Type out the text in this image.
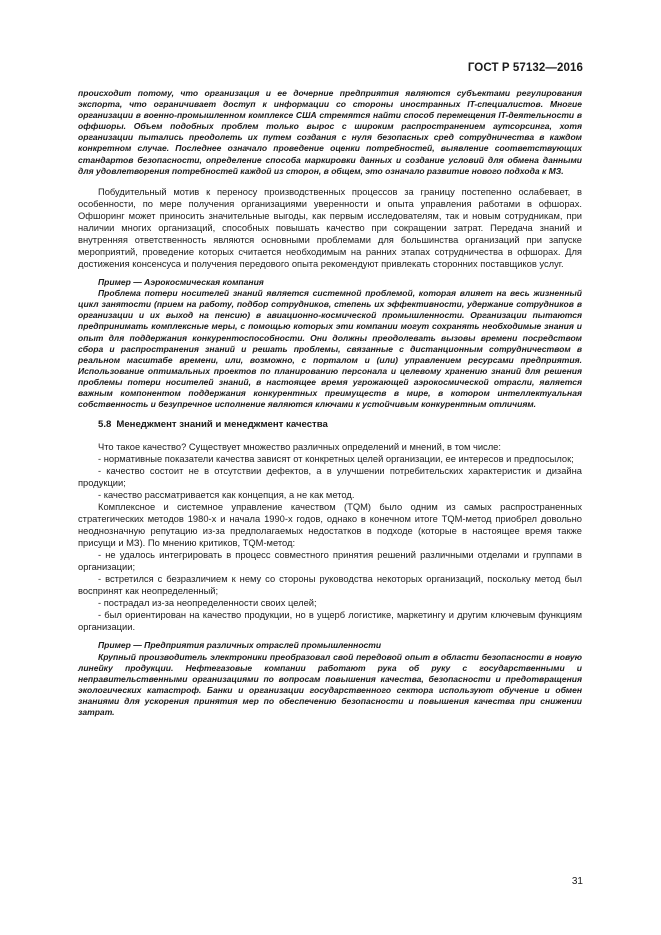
ГОСТ Р 57132—2016

происходит потому, что организация и ее дочерние предприятия являются субъектами регулирования экспорта, что ограничивает доступ к информации со стороны иностранных IT-специалистов. Многие организации в военно-промышленном комплексе США стремятся найти способ перемещения IT-деятельности в оффшоры. Объем подобных проблем только вырос с широким распространением аутсорсинга, хотя организации пытались преодолеть их путем создания с нуля безопасных сред сотрудничества в каждом конкретном случае. Последнее означало проведение оценки потребностей, выявление соответствующих стандартов безопасности, определение способа маркировки данных и создание условий для обмена данными для удовлетворения потребностей каждой из сторон, в общем, это означало развитие нового подхода к МЗ.

Побудительный мотив к переносу производственных процессов за границу постепенно ослабевает, в особенности, по мере получения организациями уверенности и опыта управления работами в офшорах. Офшоринг может приносить значительные выгоды, как первым исследователям, так и новым сотрудникам, при наличии многих организаций, способных повышать качество при сокращении затрат. Передача знаний и внутренняя ответственность являются основными проблемами для большинства организаций при запуске мероприятий, проведение которых считается необходимым на ранних этапах сотрудничества в офшорах. Для достижения консенсуса и получения передового опыта рекомендуют привлекать сторонних поставщиков услуг.

Пример — Аэрокосмическая компания

Проблема потери носителей знаний является системной проблемой, которая влияет на весь жизненный цикл занятости (прием на работу, подбор сотрудников, степень их эффективности, удержание сотрудников в организации и их выход на пенсию) в авиационно-космической промышленности. Организации пытаются предпринимать комплексные меры, с помощью которых эти компании могут сохранять необходимые знания и опыт для поддержания конкурентоспособности. Они должны преодолевать вызовы времени посредством сбора и распространения знаний и решать проблемы, связанные с дистанционным сотрудничеством в реальном масштабе времени, или, возможно, с порталом и (или) управлением ресурсами предприятия. Использование оптимальных проектов по планированию персонала и целевому хранению знаний для решения проблемы потери носителей знаний, в настоящее время угрожающей аэрокосмической отрасли, является важным компонентом поддержания конкурентных преимуществ в мире, в котором интеллектуальная собственность и безупречное исполнение являются ключами к устойчивым конкурентным отличиям.

5.8 Менеджмент знаний и менеджмент качества

Что такое качество? Существует множество различных определений и мнений, в том числе:

- нормативные показатели качества зависят от конкретных целей организации, ее интересов и предпосылок;

- качество состоит не в отсутствии дефектов, а в улучшении потребительских характеристик и дизайна продукции;

- качество рассматривается как концепция, а не как метод.

Комплексное и системное управление качеством (TQM) было одним из самых распространенных стратегических методов 1980-х и начала 1990-х годов, однако в конечном итоге TQM-метод приобрел довольно неоднозначную репутацию из-за предполагаемых недостатков в подходе (которые в настоящее время также присущи и МЗ). По мнению критиков, TQM-метод:

- не удалось интегрировать в процесс совместного принятия решений различными отделами и группами в организации;

- встретился с безразличием к нему со стороны руководства некоторых организаций, поскольку метод был воспринят как неопределенный;

- пострадал из-за неопределенности своих целей;

- был ориентирован на качество продукции, но в ущерб логистике, маркетингу и другим ключевым функциям организации.

Пример — Предприятия различных отраслей промышленности

Крупный производитель электроники преобразовал свой передовой опыт в области безопасности в новую линейку продукции. Нефтегазовые компании работают рука об руку с государственными и неправительственными организациями по вопросам повышения качества, безопасности и предотвращения экологических катастроф. Банки и организации государственного сектора используют обучение и обмен знаниями для ускорения принятия мер по обеспечению безопасности и повышения качества при снижении затрат.

31
